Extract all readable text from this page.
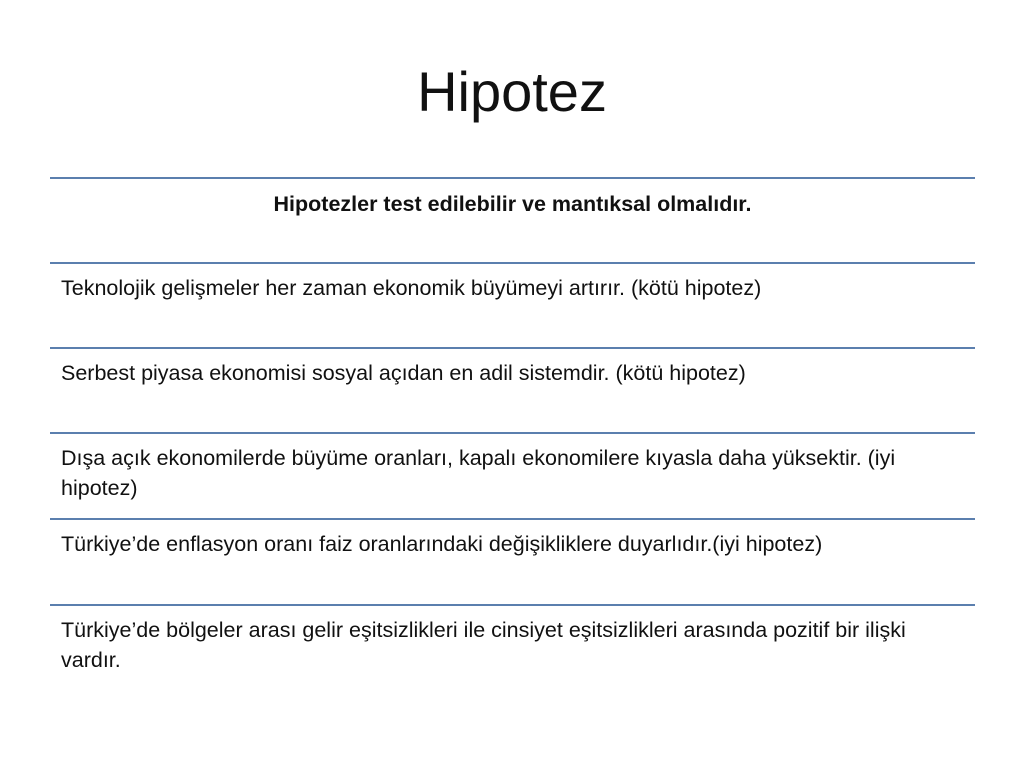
Hipotez
Hipotezler test edilebilir ve mantıksal olmalıdır.
Teknolojik gelişmeler her zaman ekonomik büyümeyi artırır. (kötü hipotez)
Serbest piyasa ekonomisi sosyal açıdan en adil sistemdir. (kötü hipotez)
Dışa açık ekonomilerde büyüme oranları, kapalı ekonomilere kıyasla daha yüksektir. (iyi hipotez)
Türkiye’de enflasyon oranı faiz oranlarındaki değişikliklere duyarlıdır.(iyi hipotez)
Türkiye’de bölgeler arası gelir eşitsizlikleri ile cinsiyet eşitsizlikleri arasında pozitif bir ilişki vardır.
